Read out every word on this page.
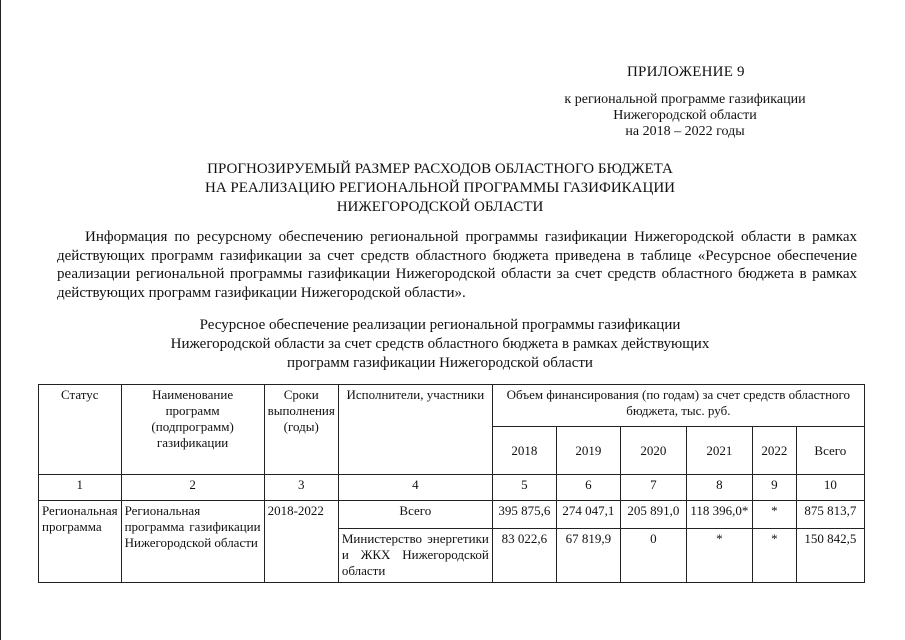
ПРИЛОЖЕНИЕ 9
к региональной программе газификации
Нижегородской области
на 2018 – 2022 годы
ПРОГНОЗИРУЕМЫЙ РАЗМЕР РАСХОДОВ ОБЛАСТНОГО БЮДЖЕТА
НА РЕАЛИЗАЦИЮ РЕГИОНАЛЬНОЙ ПРОГРАММЫ ГАЗИФИКАЦИИ
НИЖЕГОРОДСКОЙ ОБЛАСТИ

Информация по ресурсному обеспечению региональной программы газификации Нижегородской области в рамках действующих программ газификации за счет средств областного бюджета приведена в таблице «Ресурсное обеспечение реализации региональной программы газификации Нижегородской области за счет средств областного бюджета в рамках действующих программ газификации Нижегородской области».

Ресурсное обеспечение реализации региональной программы газификации
Нижегородской области за счет средств областного бюджета в рамках действующих
программ газификации Нижегородской области
Статус	Наименование программ (подпрограмм) газификации	Сроки выполнения (годы)	Исполнители, участники	Объем финансирования (по годам) за счет средств областного бюджета, тыс. руб.					
				2018	2019	2020	2021	2022	Всего
1	2	3	4	5	6	7	8	9	10
Региональная программа	Региональная программа газификации Нижегородской области	2018-2022	Всего	395 875,6	274 047,1	205 891,0	118 396,0*	*	875 813,7
			Министерство энергетики и ЖКХ Нижегородской области	83 022,6	67 819,9	0	*	*	150 842,5
